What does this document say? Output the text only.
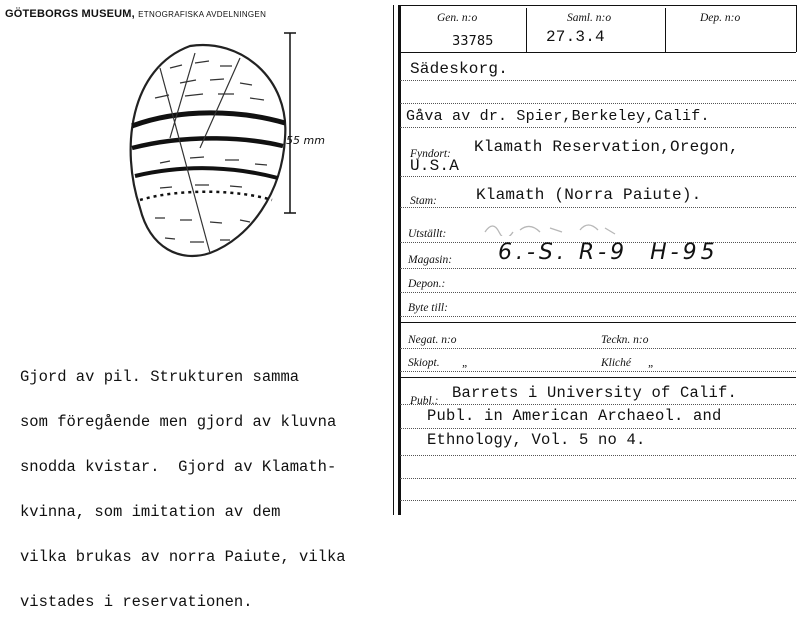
GÖTEBORGS MUSEUM, ETNOGRAFISKA AVDELNINGEN
55 mm

Gjord av pil. Strukturen samma

som föregående men gjord av kluvna

snodda kvistar.  Gjord av Klamath-

kvinna, som imitation av dem

vilka brukas av norra Paiute, vilka

vistades i reservationen.

Gen. n:o	Saml. n:o	Dep. n:o
33785	27.3.4
Sädeskorg.
Gåva av dr. Spier,Berkeley,Calif.
Fyndort: Klamath Reservation,Oregon,
U.S.A
Stam: Klamath (Norra Paiute).
Utställt:
Magasin: 6.-S. R-9  H-95
Depon.:
Byte till:
Negat. n:o	Teckn. n:o
Skiopt. „	Kliché „
Publ.: Barrets i University of Calif.
Publ. in American Archaeol. and
Ethnology, Vol. 5 no 4.
